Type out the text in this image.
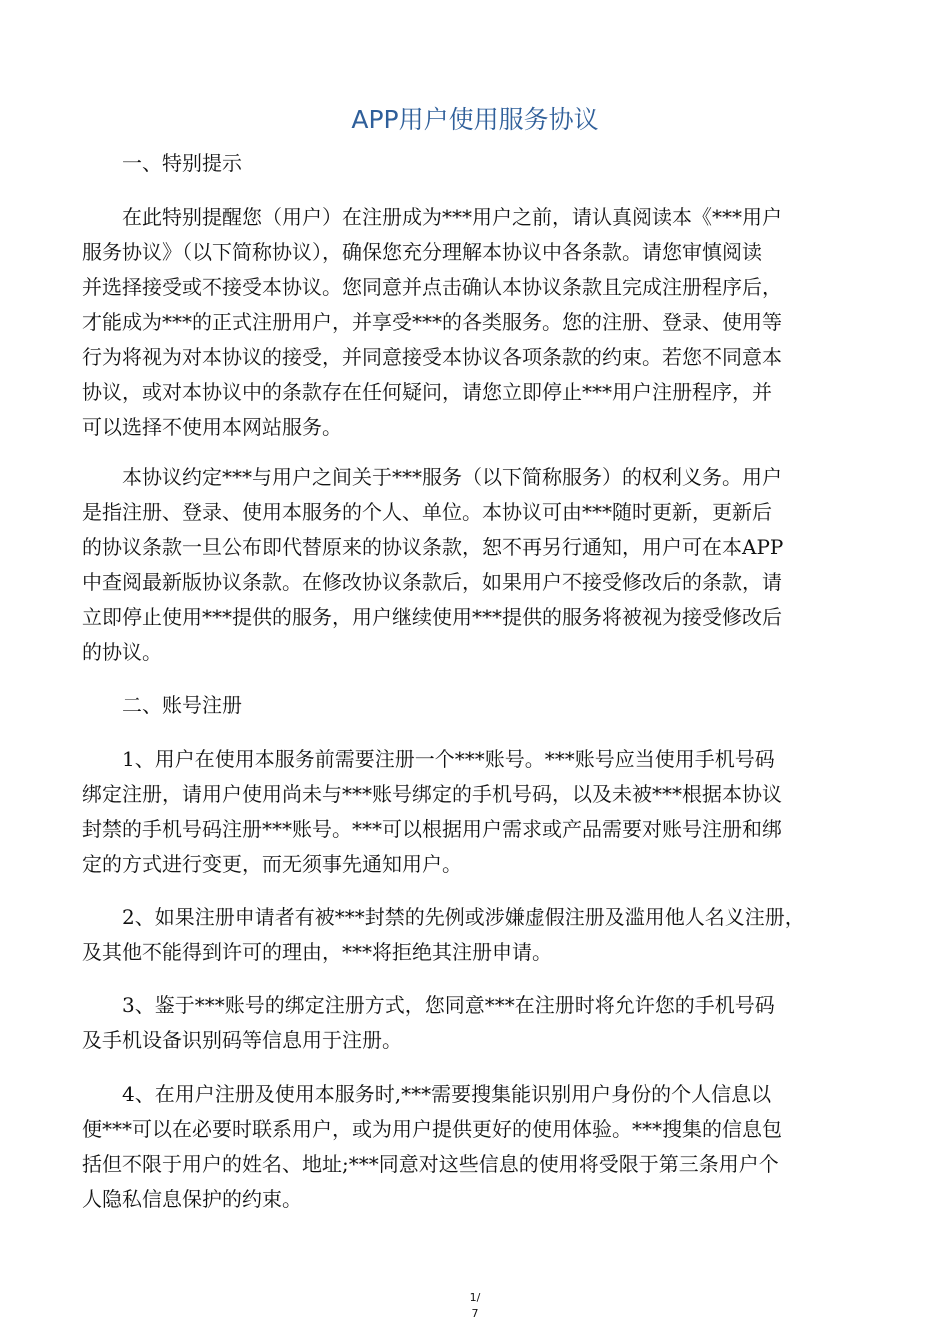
APP用户使用服务协议

一、特别提示

在此特别提醒您（用户）在注册成为***用户之前，请认真阅读本《***用户
服务协议》（以下简称协议），确保您充分理解本协议中各条款。请您审慎阅读
并选择接受或不接受本协议。您同意并点击确认本协议条款且完成注册程序后，
才能成为***的正式注册用户，并享受***的各类服务。您的注册、登录、使用等
行为将视为对本协议的接受，并同意接受本协议各项条款的约束。若您不同意本
协议，或对本协议中的条款存在任何疑问，请您立即停止***用户注册程序，并
可以选择不使用本网站服务。

本协议约定***与用户之间关于***服务（以下简称服务）的权利义务。用户
是指注册、登录、使用本服务的个人、单位。本协议可由***随时更新，更新后
的协议条款一旦公布即代替原来的协议条款，恕不再另行通知，用户可在本APP
中查阅最新版协议条款。在修改协议条款后，如果用户不接受修改后的条款，请
立即停止使用***提供的服务，用户继续使用***提供的服务将被视为接受修改后
的协议。

二、账号注册

1、用户在使用本服务前需要注册一个***账号。***账号应当使用手机号码
绑定注册，请用户使用尚未与***账号绑定的手机号码，以及未被***根据本协议
封禁的手机号码注册***账号。***可以根据用户需求或产品需要对账号注册和绑
定的方式进行变更，而无须事先通知用户。

2、如果注册申请者有被***封禁的先例或涉嫌虚假注册及滥用他人名义注册，
及其他不能得到许可的理由，***将拒绝其注册申请。

3、鉴于***账号的绑定注册方式，您同意***在注册时将允许您的手机号码
及手机设备识别码等信息用于注册。

4、在用户注册及使用本服务时,***需要搜集能识别用户身份的个人信息以
便***可以在必要时联系用户，或为用户提供更好的使用体验。***搜集的信息包
括但不限于用户的姓名、地址;***同意对这些信息的使用将受限于第三条用户个
人隐私信息保护的约束。

1/
7
